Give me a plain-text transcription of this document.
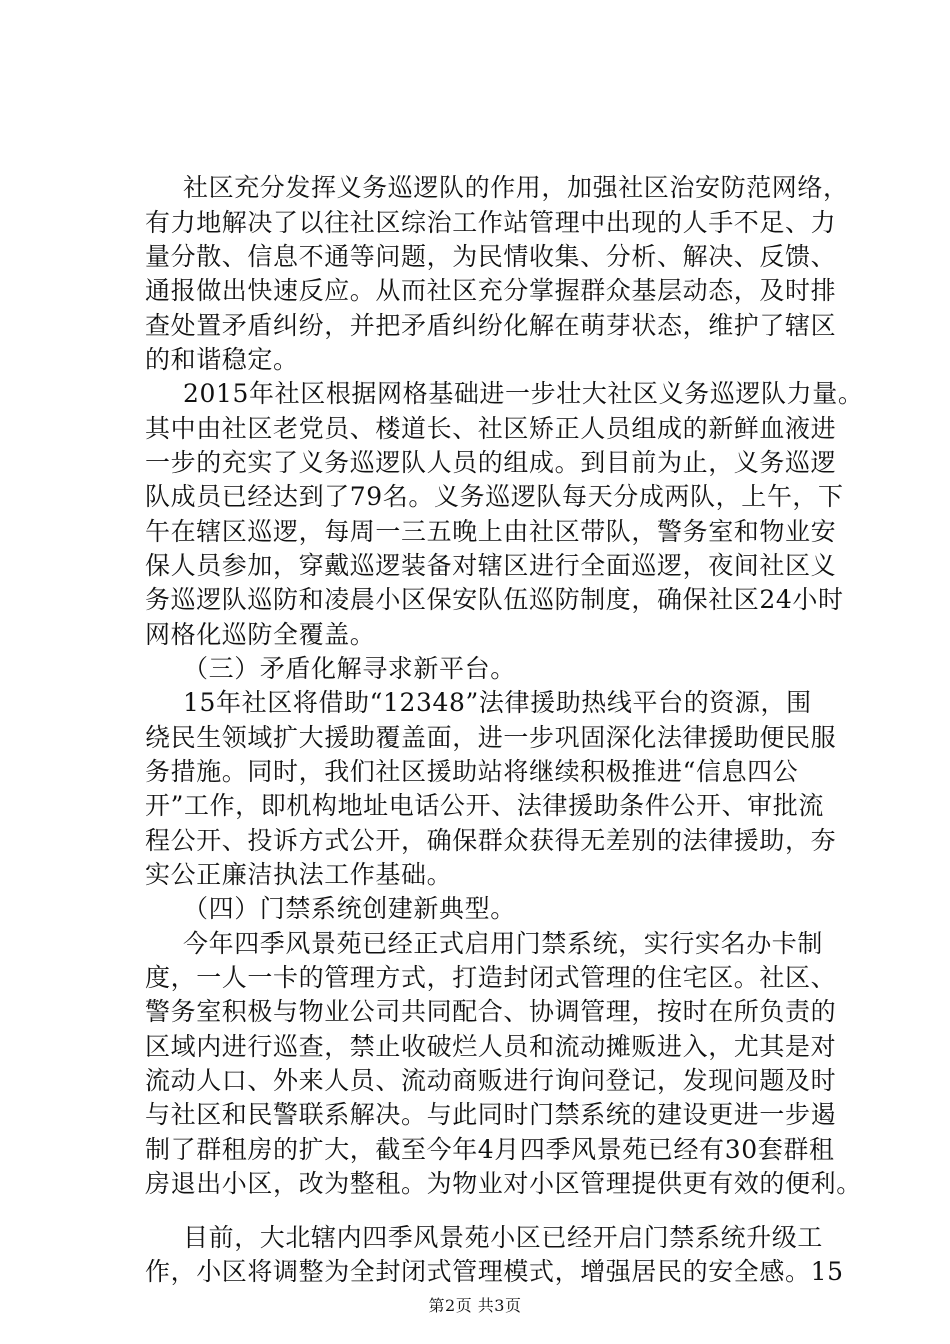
社区充分发挥义务巡逻队的作用，加强社区治安防范网络，
有力地解决了以往社区综治工作站管理中出现的人手不足、力
量分散、信息不通等问题，为民情收集、分析、解决、反馈、
通报做出快速反应。从而社区充分掌握群众基层动态，及时排
查处置矛盾纠纷，并把矛盾纠纷化解在萌芽状态，维护了辖区
的和谐稳定。
2015年社区根据网格基础进一步壮大社区义务巡逻队力量。
其中由社区老党员、楼道长、社区矫正人员组成的新鲜血液进
一步的充实了义务巡逻队人员的组成。到目前为止，义务巡逻
队成员已经达到了79名。义务巡逻队每天分成两队，上午，下
午在辖区巡逻，每周一三五晚上由社区带队，警务室和物业安
保人员参加，穿戴巡逻装备对辖区进行全面巡逻，夜间社区义
务巡逻队巡防和凌晨小区保安队伍巡防制度，确保社区24小时
网格化巡防全覆盖。
（三）矛盾化解寻求新平台。
15年社区将借助“12348”法律援助热线平台的资源，围
绕民生领域扩大援助覆盖面，进一步巩固深化法律援助便民服
务措施。同时，我们社区援助站将继续积极推进“信息四公
开”工作，即机构地址电话公开、法律援助条件公开、审批流
程公开、投诉方式公开，确保群众获得无差别的法律援助，夯
实公正廉洁执法工作基础。
（四）门禁系统创建新典型。
今年四季风景苑已经正式启用门禁系统，实行实名办卡制
度，一人一卡的管理方式，打造封闭式管理的住宅区。社区、
警务室积极与物业公司共同配合、协调管理，按时在所负责的
区域内进行巡查，禁止收破烂人员和流动摊贩进入，尤其是对
流动人口、外来人员、流动商贩进行询问登记，发现问题及时
与社区和民警联系解决。与此同时门禁系统的建设更进一步遏
制了群租房的扩大，截至今年4月四季风景苑已经有30套群租
房退出小区，改为整租。为物业对小区管理提供更有效的便利。
目前，大北辖内四季风景苑小区已经开启门禁系统升级工
作，小区将调整为全封闭式管理模式，增强居民的安全感。15
第2页 共3页
